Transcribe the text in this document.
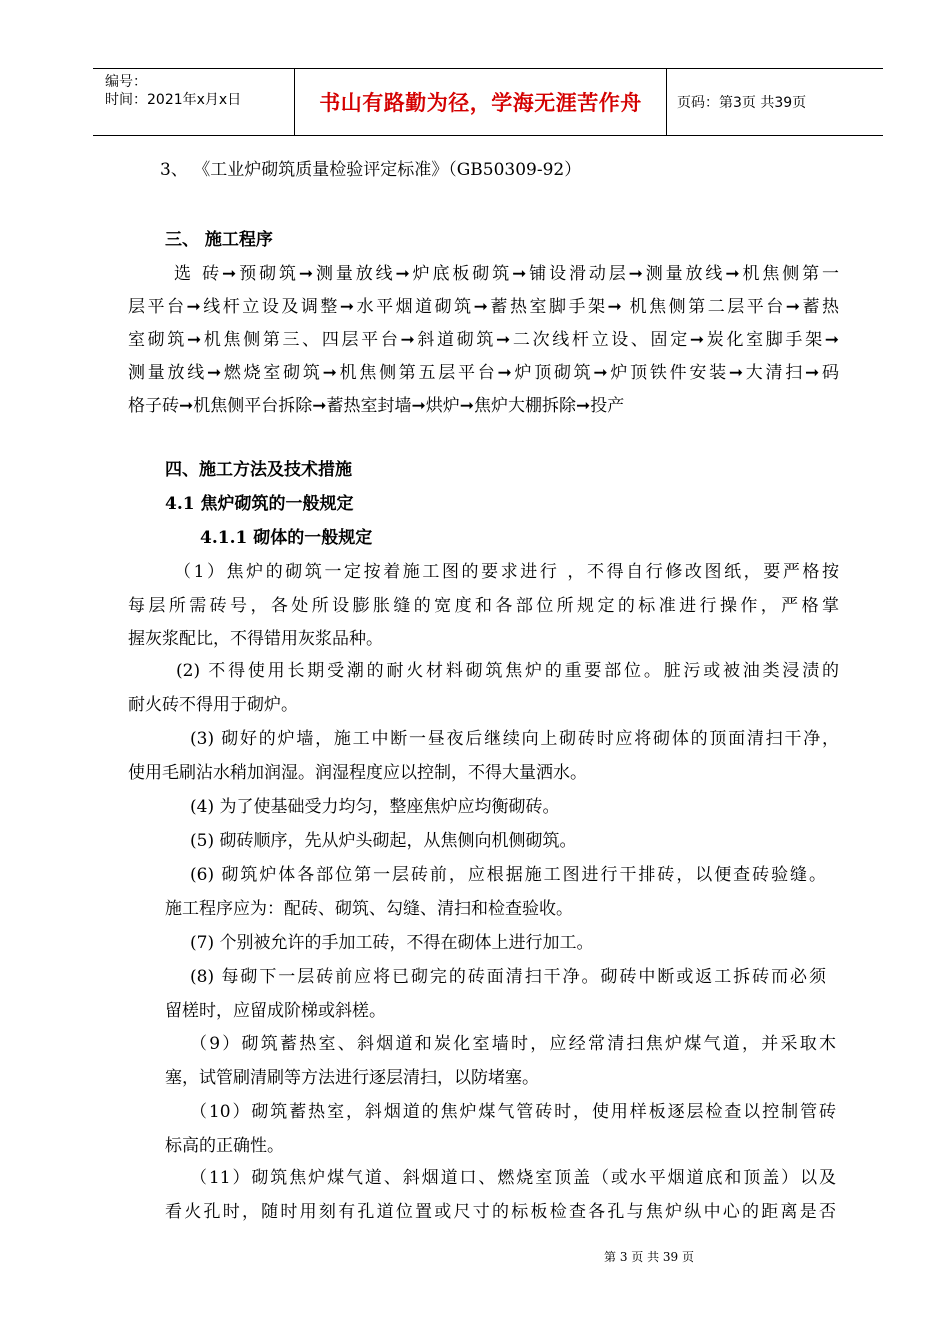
编号：
时间：2021年x月x日	书山有路勤为径，学海无涯苦作舟	页码：第3页 共39页
3、 《工业炉砌筑质量检验评定标准》（GB50309-92）
三、 施工程序
选 砖➞预砌筑➞测量放线➞炉底板砌筑➞铺设滑动层➞测量放线➞机焦侧第一
层平台➞线杆立设及调整➞水平烟道砌筑➞蓄热室脚手架➞ 机焦侧第二层平台➞蓄热
室砌筑➞机焦侧第三、四层平台➞斜道砌筑➞二次线杆立设、固定➞炭化室脚手架➞
测量放线➞燃烧室砌筑➞机焦侧第五层平台➞炉顶砌筑➞炉顶铁件安装➞大清扫➞码
格子砖➞机焦侧平台拆除➞蓄热室封墙➞烘炉➞焦炉大棚拆除➞投产
四、施工方法及技术措施
4.1 焦炉砌筑的一般规定
4.1.1 砌体的一般规定
（1）焦炉的砌筑一定按着施工图的要求进行 ，不得自行修改图纸，要严格按
每层所需砖号，各处所设膨胀缝的宽度和各部位所规定的标准进行操作，严格掌
握灰浆配比，不得错用灰浆品种。
(2) 不得使用长期受潮的耐火材料砌筑焦炉的重要部位。脏污或被油类浸渍的
耐火砖不得用于砌炉。
(3) 砌好的炉墙，施工中断一昼夜后继续向上砌砖时应将砌体的顶面清扫干净，
使用毛刷沾水稍加润湿。润湿程度应以控制，不得大量洒水。
(4) 为了使基础受力均匀，整座焦炉应均衡砌砖。
(5) 砌砖顺序，先从炉头砌起，从焦侧向机侧砌筑。
(6) 砌筑炉体各部位第一层砖前，应根据施工图进行干排砖，以便查砖验缝。
施工程序应为：配砖、砌筑、勾缝、清扫和检查验收。
(7) 个别被允许的手加工砖，不得在砌体上进行加工。
(8) 每砌下一层砖前应将已砌完的砖面清扫干净。砌砖中断或返工拆砖而必须
留槎时，应留成阶梯或斜槎。
（9）砌筑蓄热室、斜烟道和炭化室墙时，应经常清扫焦炉煤气道，并采取木
塞，试管刷清刷等方法进行逐层清扫，以防堵塞。
（10）砌筑蓄热室，斜烟道的焦炉煤气管砖时，使用样板逐层检查以控制管砖
标高的正确性。
（11）砌筑焦炉煤气道、斜烟道口、燃烧室顶盖（或水平烟道底和顶盖）以及
看火孔时，随时用刻有孔道位置或尺寸的标板检查各孔与焦炉纵中心的距离是否
第 3 页 共 39 页
